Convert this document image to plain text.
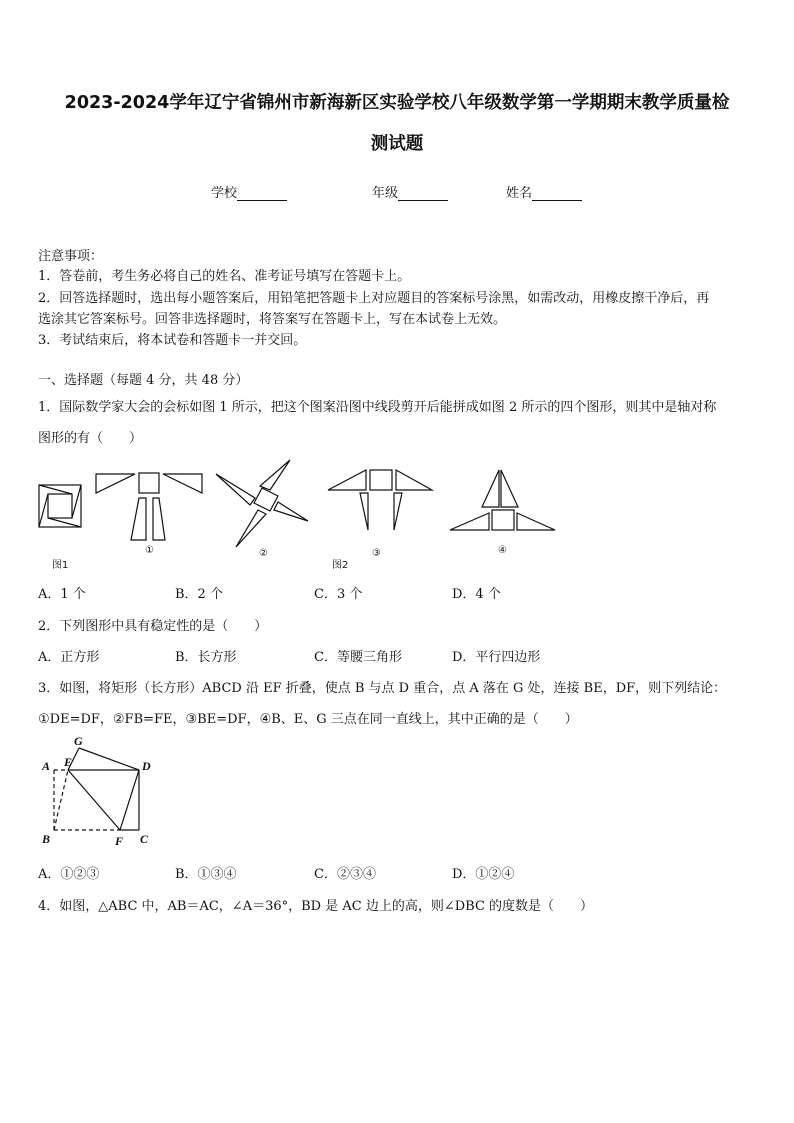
2023-2024学年辽宁省锦州市新海新区实验学校八年级数学第一学期期末教学质量检
测试题
学校	年级	姓名
注意事项：
1．答卷前，考生务必将自己的姓名、准考证号填写在答题卡上。
2．回答选择题时，选出每小题答案后，用铅笔把答题卡上对应题目的答案标号涂黑，如需改动，用橡皮擦干净后，再
选涂其它答案标号。回答非选择题时，将答案写在答题卡上，写在本试卷上无效。
3．考试结束后，将本试卷和答题卡一并交回。
一、选择题（每题 4 分，共 48 分）
1．国际数学家大会的会标如图 1 所示，把这个图案沿图中线段剪开后能拼成如图 2 所示的四个图形，则其中是轴对称
图形的有（　　）
图1	图2
①	②	③	④
A．1 个	B．2 个	C．3 个	D．4 个
2．下列图形中具有稳定性的是（　　）
A．正方形	B．长方形	C．等腰三角形	D．平行四边形
3．如图，将矩形（长方形）ABCD 沿 EF 折叠，使点 B 与点 D 重合，点 A 落在 G 处，连接 BE，DF，则下列结论：
①DE=DF，②FB=FE，③BE=DF，④B、E、G 三点在同一直线上，其中正确的是（　　）
G
A E	D
B	F C
A．①②③	B．①③④	C．②③④	D．①②④
4．如图，△ABC 中，AB＝AC，∠A＝36°，BD 是 AC 边上的高，则∠DBC 的度数是（　　）
